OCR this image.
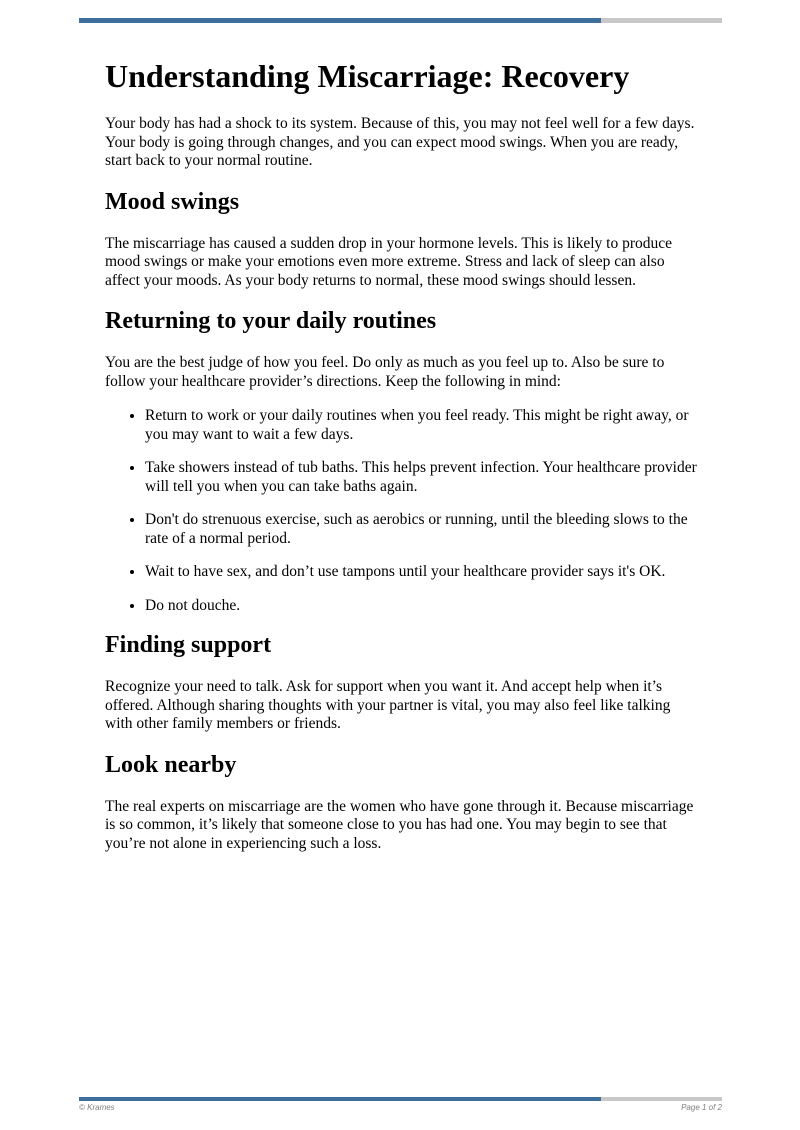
Understanding Miscarriage: Recovery

Your body has had a shock to its system. Because of this, you may not feel well for a few days. Your body is going through changes, and you can expect mood swings. When you are ready, start back to your normal routine.

Mood swings

The miscarriage has caused a sudden drop in your hormone levels. This is likely to produce mood swings or make your emotions even more extreme. Stress and lack of sleep can also affect your moods. As your body returns to normal, these mood swings should lessen.

Returning to your daily routines

You are the best judge of how you feel. Do only as much as you feel up to. Also be sure to follow your healthcare provider’s directions. Keep the following in mind:

• Return to work or your daily routines when you feel ready. This might be right away, or you may want to wait a few days.
• Take showers instead of tub baths. This helps prevent infection. Your healthcare provider will tell you when you can take baths again.
• Don't do strenuous exercise, such as aerobics or running, until the bleeding slows to the rate of a normal period.
• Wait to have sex, and don’t use tampons until your healthcare provider says it's OK.
• Do not douche.
Finding support

Recognize your need to talk. Ask for support when you want it. And accept help when it’s offered. Although sharing thoughts with your partner is vital, you may also feel like talking with other family members or friends.

Look nearby

The real experts on miscarriage are the women who have gone through it. Because miscarriage is so common, it’s likely that someone close to you has had one. You may begin to see that you’re not alone in experiencing such a loss.

© Krames	Page 1 of 2
